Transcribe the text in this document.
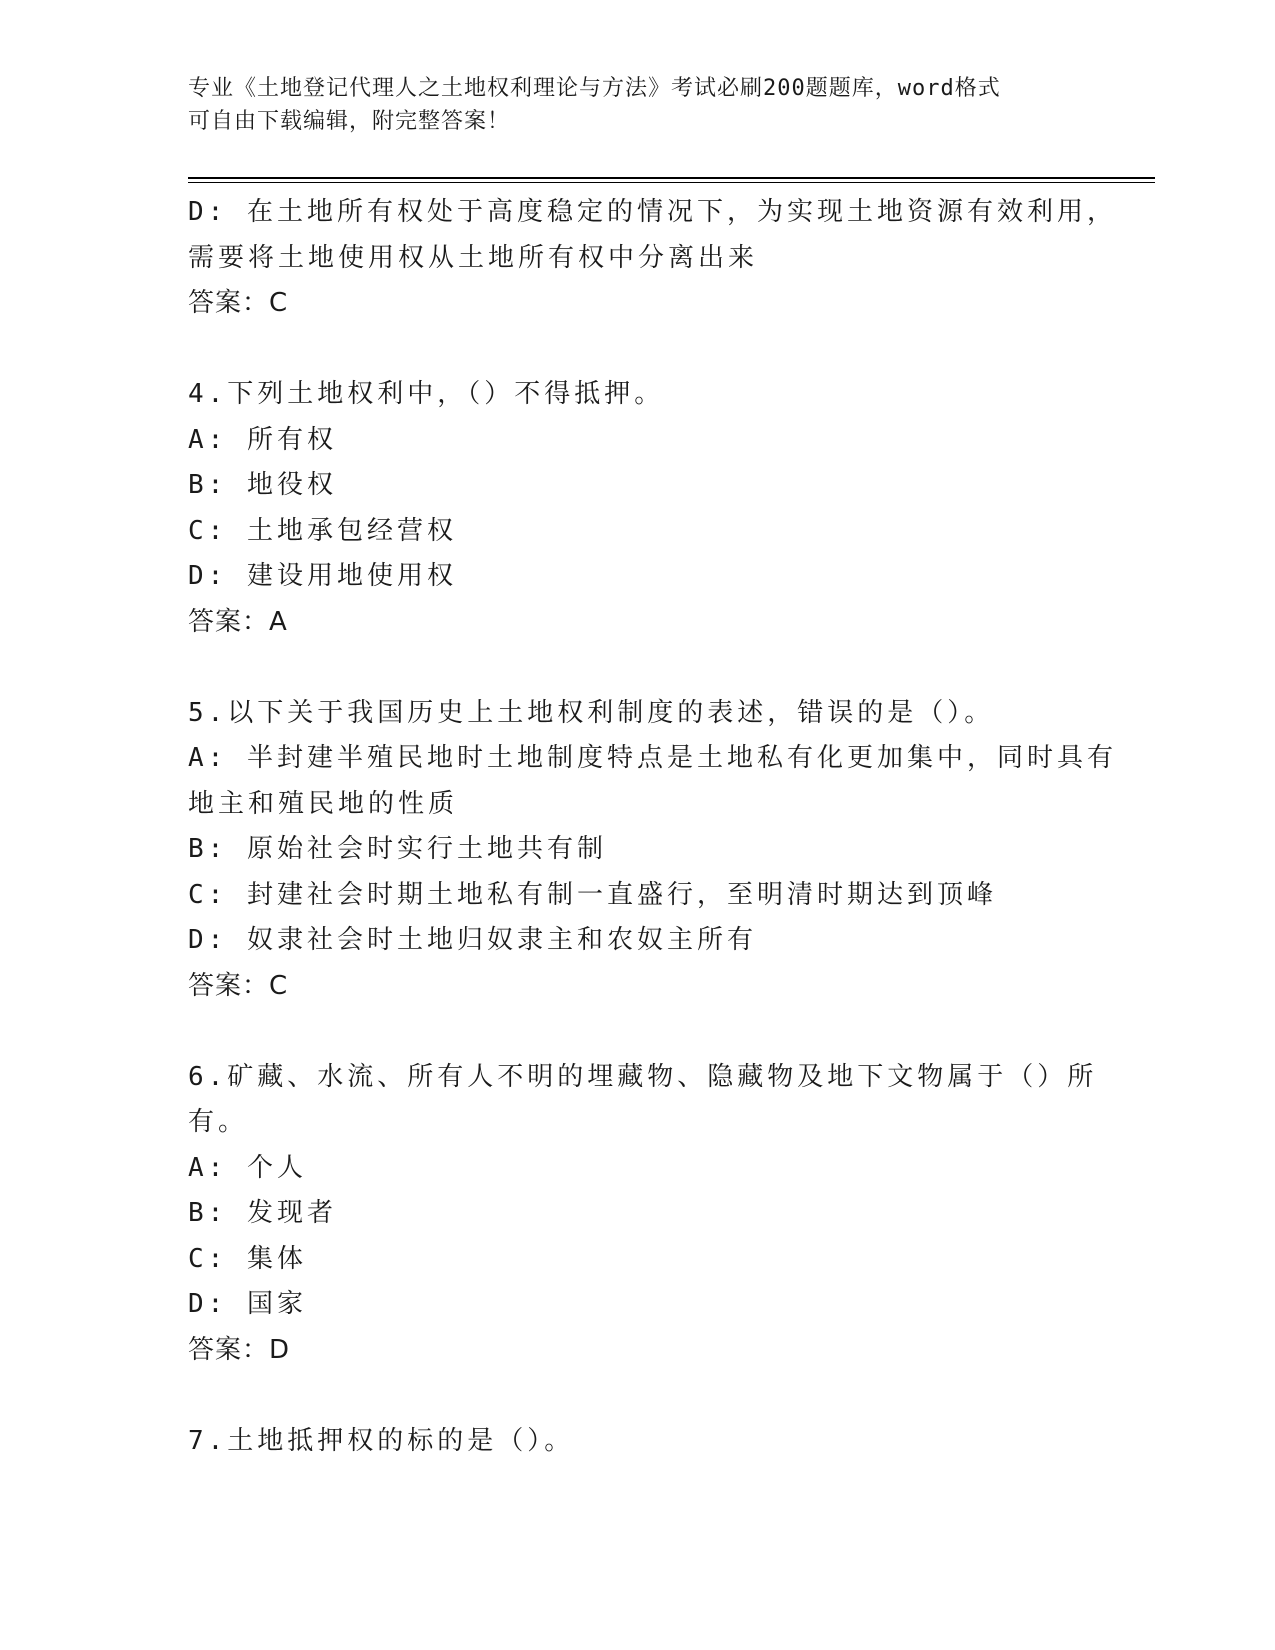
专业《土地登记代理人之土地权利理论与方法》考试必刷200题题库，word格式
可自由下载编辑，附完整答案！
D: 在土地所有权处于高度稳定的情况下，为实现土地资源有效利用，
需要将土地使用权从土地所有权中分离出来
答案：C
4.下列土地权利中，（）不得抵押。
A: 所有权
B: 地役权
C: 土地承包经营权
D: 建设用地使用权
答案：A
5.以下关于我国历史上土地权利制度的表述，错误的是（）。
A: 半封建半殖民地时土地制度特点是土地私有化更加集中，同时具有
地主和殖民地的性质
B: 原始社会时实行土地共有制
C: 封建社会时期土地私有制一直盛行，至明清时期达到顶峰
D: 奴隶社会时土地归奴隶主和农奴主所有
答案：C
6.矿藏、水流、所有人不明的埋藏物、隐藏物及地下文物属于（）所
有。
A: 个人
B: 发现者
C: 集体
D: 国家
答案：D
7.土地抵押权的标的是（）。
